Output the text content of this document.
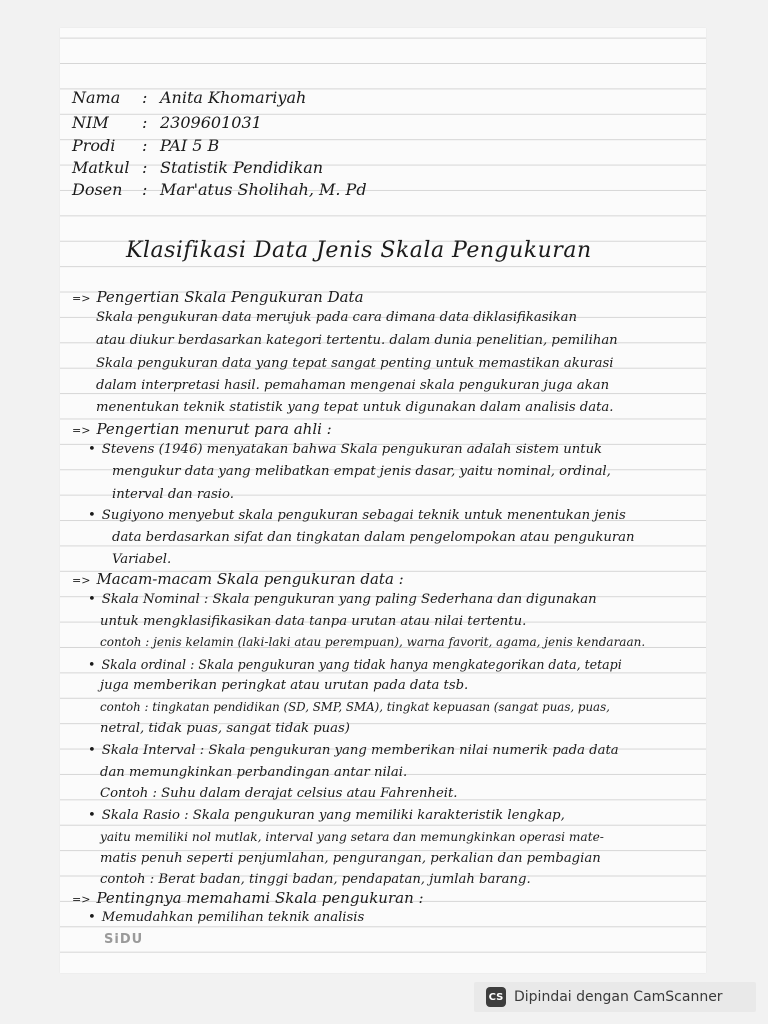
Nama : Anita Khomariyah
NIM : 2309601031
Prodi : PAI 5 B
Matkul : Statistik Pendidikan
Dosen : Mar'atus Sholihah, M. Pd
Klasifikasi Data Jenis Skala Pengukuran
=> Pengertian Skala Pengukuran Data
Skala pengukuran data merujuk pada cara dimana data diklasifikasikan
atau diukur berdasarkan kategori tertentu. dalam dunia penelitian, pemilihan
Skala pengukuran data yang tepat sangat penting untuk memastikan akurasi
dalam interpretasi hasil. pemahaman mengenai skala pengukuran juga akan
menentukan teknik statistik yang tepat untuk digunakan dalam analisis data.
=> Pengertian menurut para ahli :
• Stevens (1946) menyatakan bahwa Skala pengukuran adalah sistem untuk
mengukur data yang melibatkan empat jenis dasar, yaitu nominal, ordinal,
interval dan rasio.
• Sugiyono menyebut skala pengukuran sebagai teknik untuk menentukan jenis
data berdasarkan sifat dan tingkatan dalam pengelompokan atau pengukuran
Variabel.
=> Macam-macam Skala pengukuran data :
• Skala Nominal : Skala pengukuran yang paling Sederhana dan digunakan
untuk mengklasifikasikan data tanpa urutan atau nilai tertentu.
contoh : jenis kelamin (laki-laki atau perempuan), warna favorit, agama, jenis kendaraan.
• Skala ordinal : Skala pengukuran yang tidak hanya mengkategorikan data, tetapi
juga memberikan peringkat atau urutan pada data tsb.
contoh : tingkatan pendidikan (SD, SMP, SMA), tingkat kepuasan (sangat puas, puas,
netral, tidak puas, sangat tidak puas)
• Skala Interval : Skala pengukuran yang memberikan nilai numerik pada data
dan memungkinkan perbandingan antar nilai.
Contoh : Suhu dalam derajat celsius atau Fahrenheit.
• Skala Rasio : Skala pengukuran yang memiliki karakteristik lengkap,
yaitu memiliki nol mutlak, interval yang setara dan memungkinkan operasi mate-
matis penuh seperti penjumlahan, pengurangan, perkalian dan pembagian
contoh : Berat badan, tinggi badan, pendapatan, jumlah barang.
=> Pentingnya memahami Skala pengukuran :
• Memudahkan pemilihan teknik analisis
SiDU
CS Dipindai dengan CamScanner
